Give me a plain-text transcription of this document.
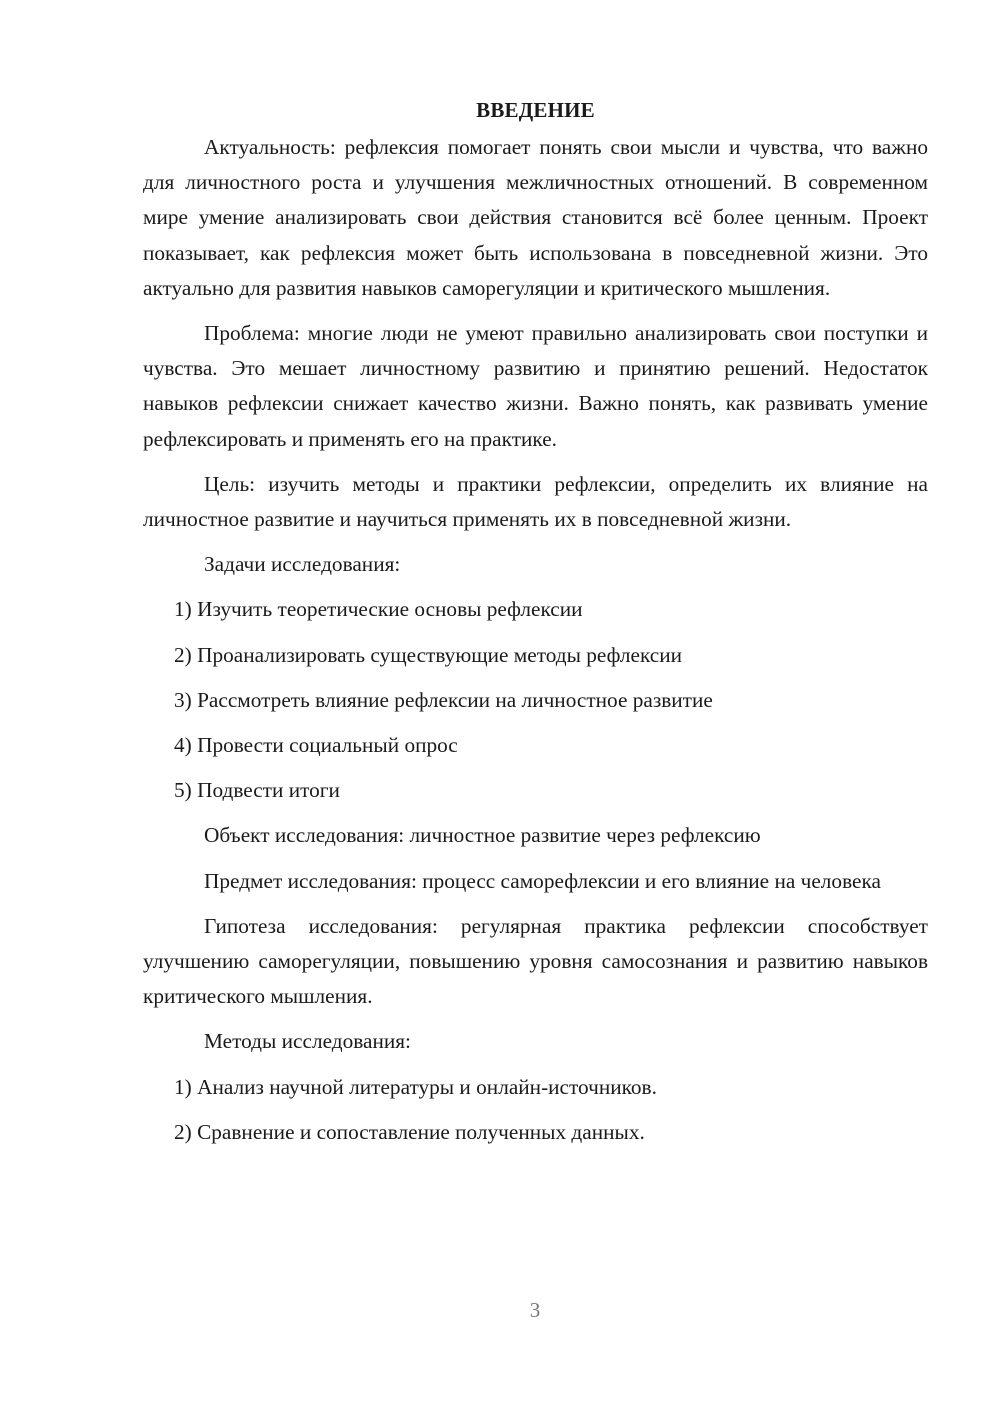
ВВЕДЕНИЕ

Актуальность: рефлексия помогает понять свои мысли и чувства, что важно для личностного роста и улучшения межличностных отношений. В современном мире умение анализировать свои действия становится всё более ценным. Проект показывает, как рефлексия может быть использована в повседневной жизни. Это актуально для развития навыков саморегуляции и критического мышления.

Проблема: многие люди не умеют правильно анализировать свои поступки и чувства. Это мешает личностному развитию и принятию решений. Недостаток навыков рефлексии снижает качество жизни. Важно понять, как развивать умение рефлексировать и применять его на практике.

Цель: изучить методы и практики рефлексии, определить их влияние на личностное развитие и научиться применять их в повседневной жизни.

Задачи исследования:

1) Изучить теоретические основы рефлексии
2) Проанализировать существующие методы рефлексии
3) Рассмотреть влияние рефлексии на личностное развитие
4) Провести социальный опрос
5) Подвести итоги

Объект исследования: личностное развитие через рефлексию

Предмет исследования: процесс саморефлексии и его влияние на человека

Гипотеза исследования: регулярная практика рефлексии способствует улучшению саморегуляции, повышению уровня самосознания и развитию навыков критического мышления.

Методы исследования:

1) Анализ научной литературы и онлайн-источников.
2) Сравнение и сопоставление полученных данных.
3
